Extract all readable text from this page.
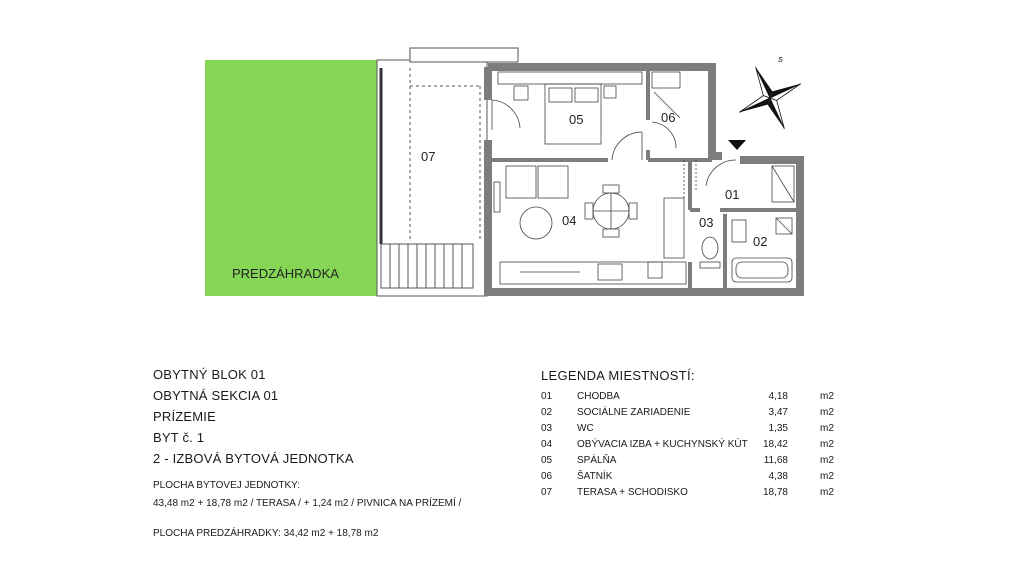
S
07
05	06
04
01
03
02
PREDZÁHRADKA
OBYTNÝ BLOK 01
OBYTNÁ SEKCIA 01
PRÍZEMIE
BYT č. 1
2 - IZBOVÁ BYTOVÁ JEDNOTKA
PLOCHA BYTOVEJ JEDNOTKY:
43,48 m2 + 18,78 m2 / TERASA / + 1,24 m2 / PIVNICA NA PRÍZEMÍ /
PLOCHA PREDZÁHRADKY: 34,42 m2 + 18,78 m2
LEGENDA MIESTNOSTÍ:
01 CHODBA	4,18	m2
02 SOCIÁLNE ZARIADENIE	3,47	m2
03 WC	1,35	m2
04 OBÝVACIA IZBA + KUCHYNSKÝ KÚT	18,42	m2
05 SPÁLŇA	11,68	m2
06 ŠATNÍK	4,38	m2
07 TERASA + SCHODISKO	18,78	m2
